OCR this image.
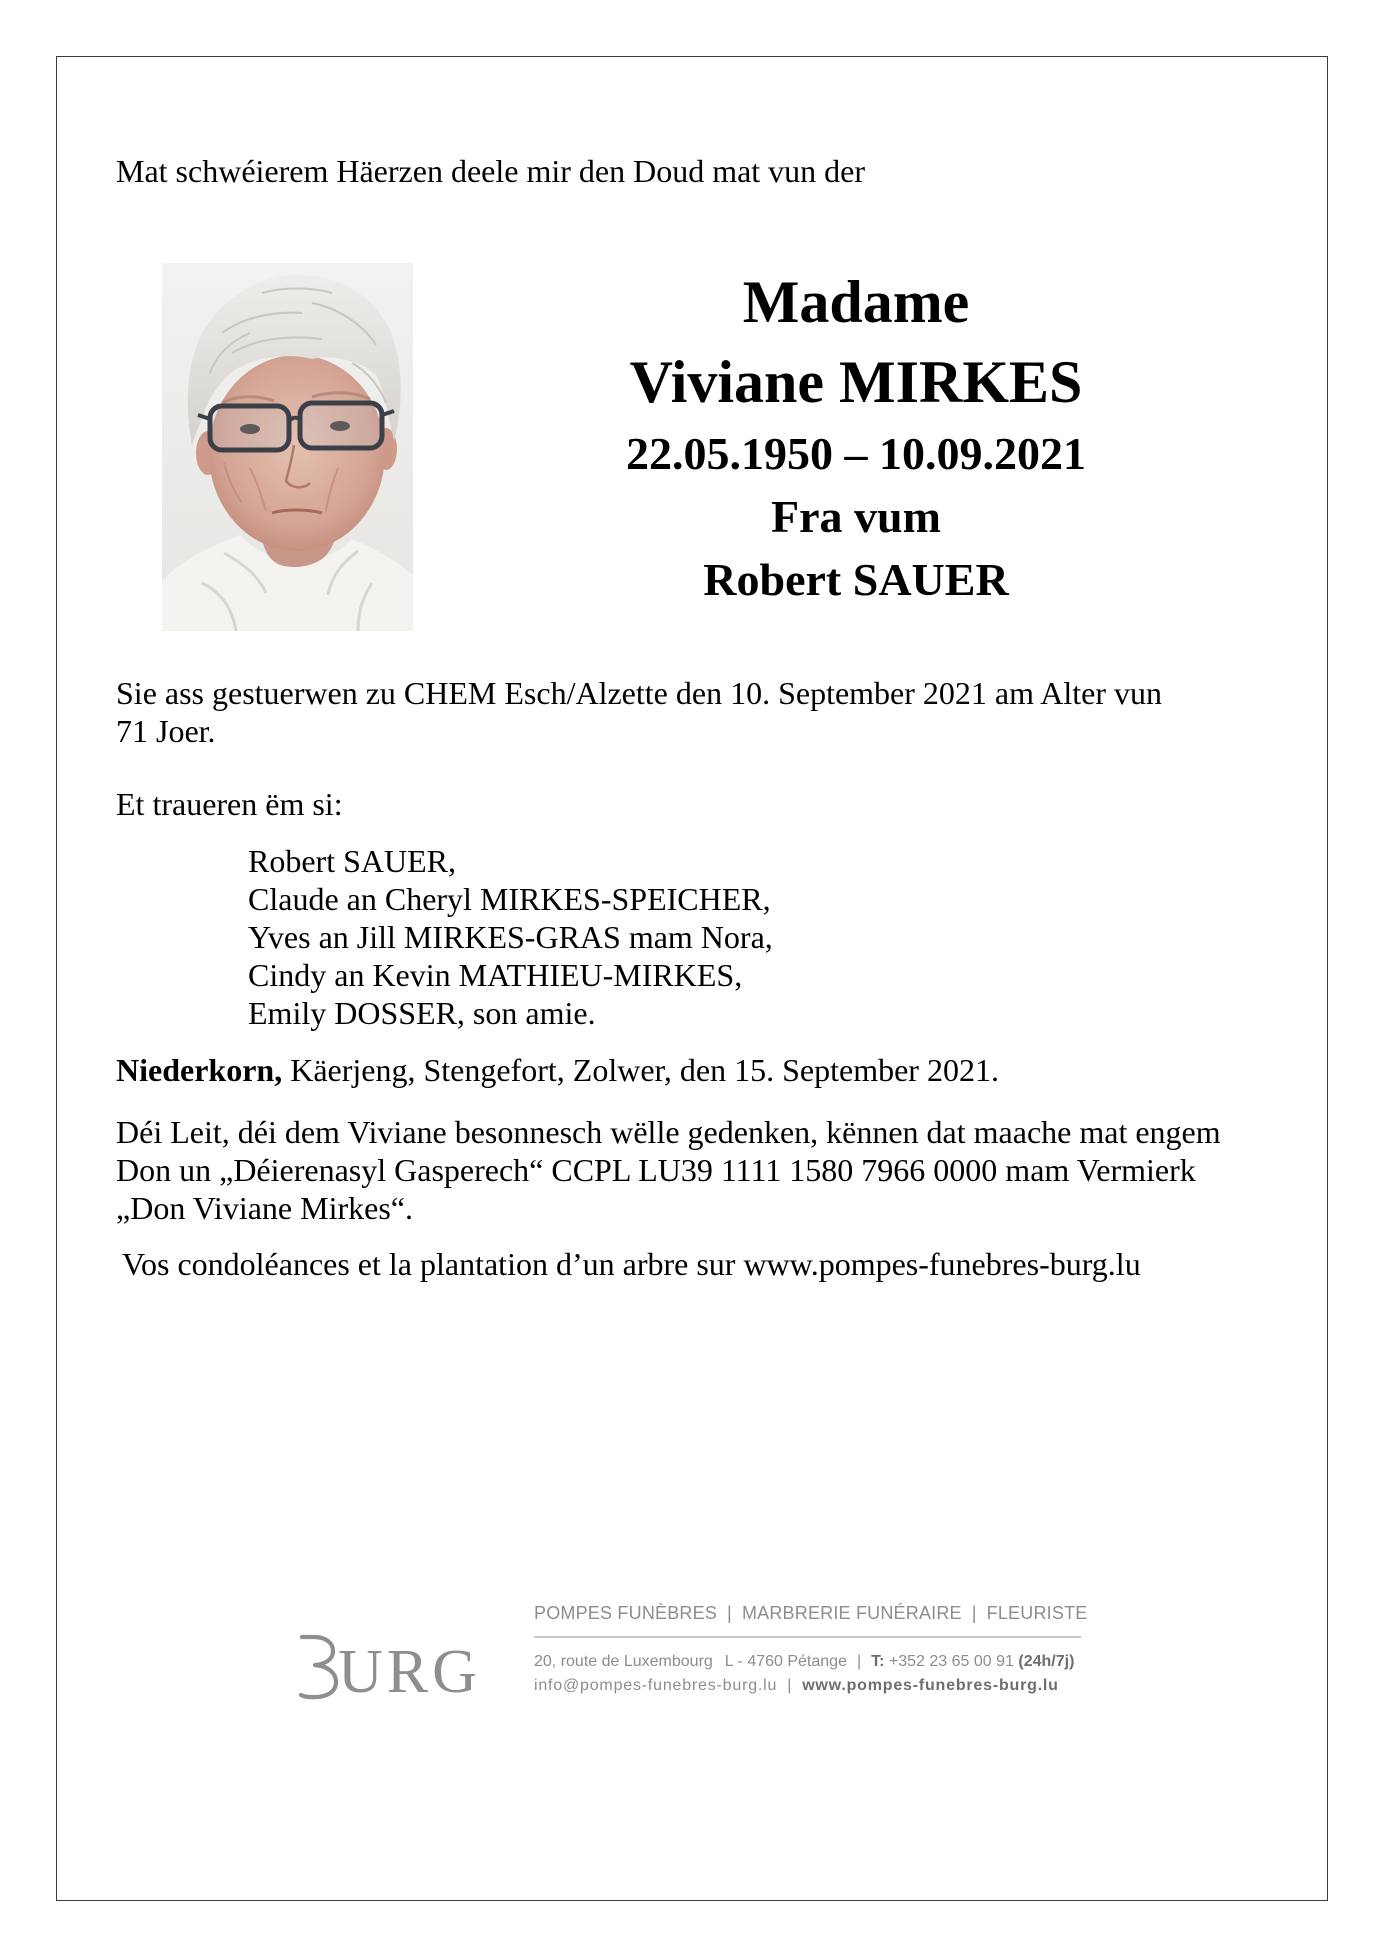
Mat schwéierem Häerzen deele mir den Doud mat vun der
Madame
Viviane MIRKES
22.05.1950 – 10.09.2021
Fra vum
Robert SAUER
Sie ass gestuerwen zu CHEM Esch/Alzette den 10. September 2021 am Alter vun
71 Joer.
Et traueren ëm si:
Robert SAUER,
Claude an Cheryl MIRKES-SPEICHER,
Yves an Jill MIRKES-GRAS mam Nora,
Cindy an Kevin MATHIEU-MIRKES,
Emily DOSSER, son amie.
Niederkorn, Käerjeng, Stengefort, Zolwer, den 15. September 2021.
Déi Leit, déi dem Viviane besonnesch wëlle gedenken, kënnen dat maache mat engem
Don un „Déierenasyl Gasperech“ CCPL LU39 1111 1580 7966 0000 mam Vermierk
„Don Viviane Mirkes“.
Vos condoléances et la plantation d’un arbre sur www.pompes-funebres-burg.lu
URG
POMPES FUNÈBRES | MARBRERIE FUNÉRAIRE | FLEURISTE
20, route de Luxembourg L - 4760 Pétange | T: +352 23 65 00 91 (24h/7j)
info@pompes-funebres-burg.lu | www.pompes-funebres-burg.lu
